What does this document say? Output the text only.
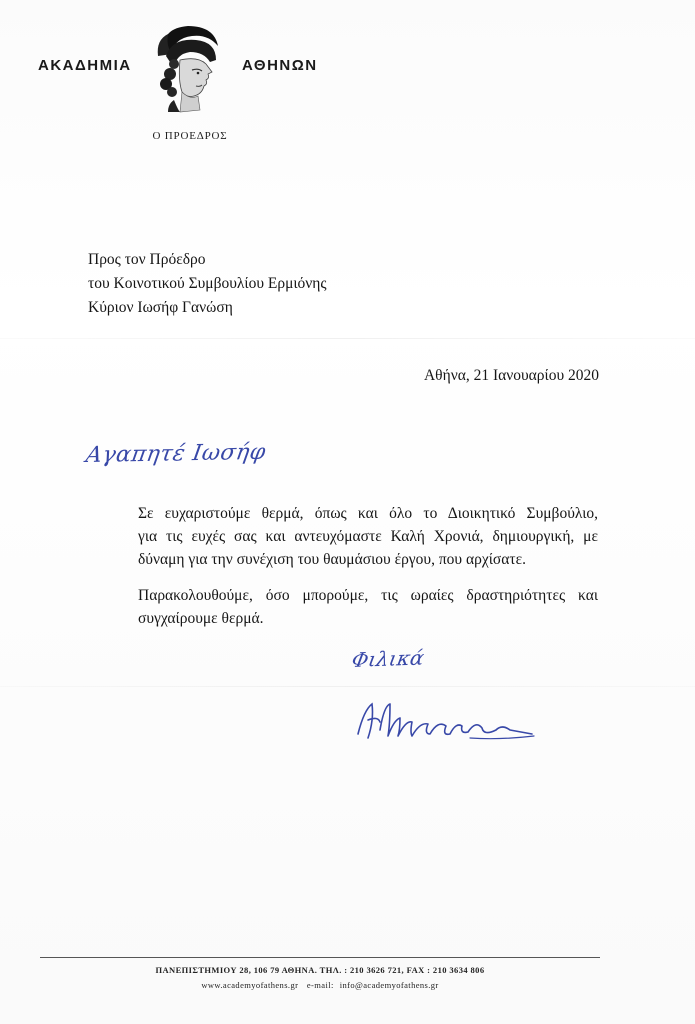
ΑΚΑΔΗΜΙΑ	ΑΘΗΝΩΝ
Ο ΠΡΟΕΔΡΟΣ
Προς τον Πρόεδρο
του Κοινοτικού Συμβουλίου Ερμιόνης
Κύριον Ιωσήφ Γανώση
Αθήνα, 21 Ιανουαρίου 2020
Αγαπητέ Ιωσήφ
Σε ευχαριστούμε θερμά, όπως και όλο το Διοικητικό Συμβούλιο,
για τις ευχές σας και αντευχόμαστε Καλή Χρονιά, δημιουργική, με
δύναμη για την συνέχιση του θαυμάσιου έργου, που αρχίσατε.
Παρακολουθούμε, όσο μπορούμε, τις ωραίες δραστηριότητες και
συγχαίρουμε θερμά.
Φιλικά
ΠΑΝΕΠΙΣΤΗΜΙΟΥ 28, 106 79 ΑΘΗΝΑ. ΤΗΛ. : 210 3626 721, FAX : 210 3634 806
www.academyofathens.gr e-mail: info@academyofathens.gr
